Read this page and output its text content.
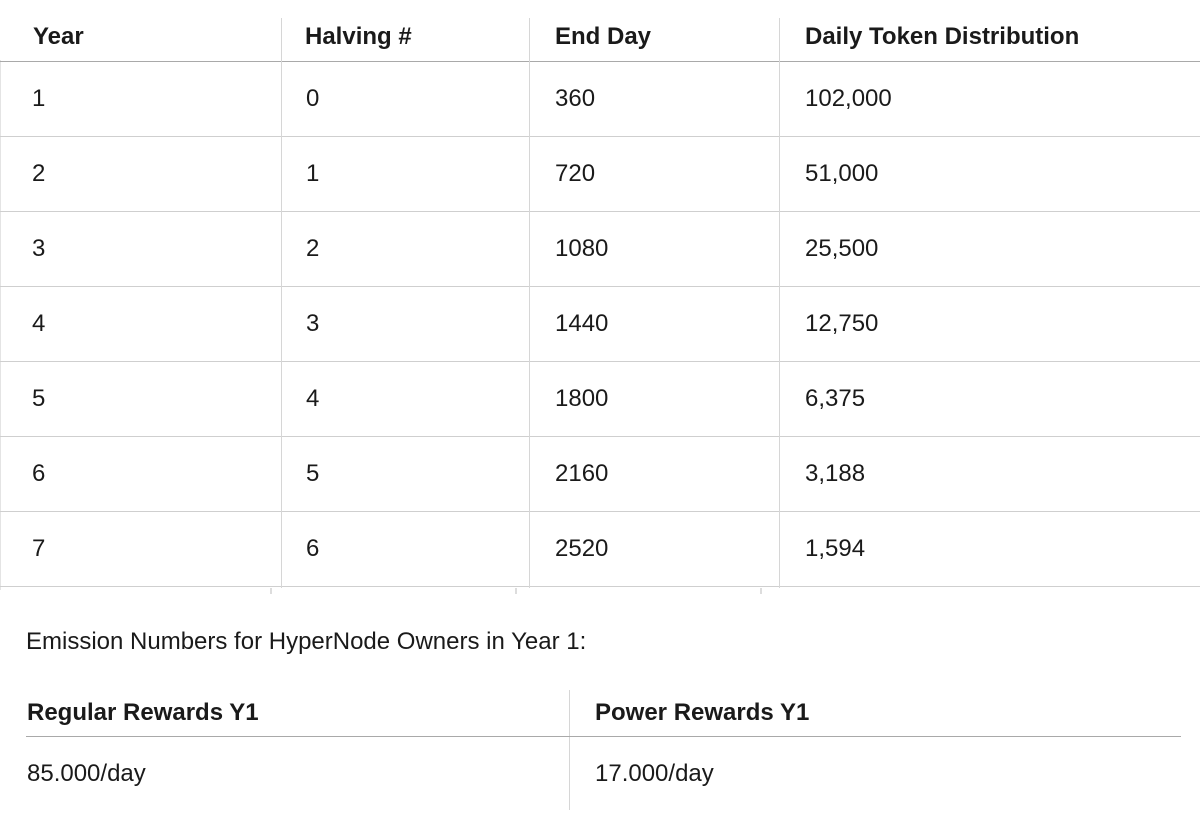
Year	Halving #	End Day	Daily Token Distribution
1	0	360	102,000
2	1	720	51,000
3	2	1080	25,500
4	3	1440	12,750
5	4	1800	6,375
6	5	2160	3,188
7	6	2520	1,594
Emission Numbers for HyperNode Owners in Year 1:
Regular Rewards Y1	Power Rewards Y1
85.000/day	17.000/day
